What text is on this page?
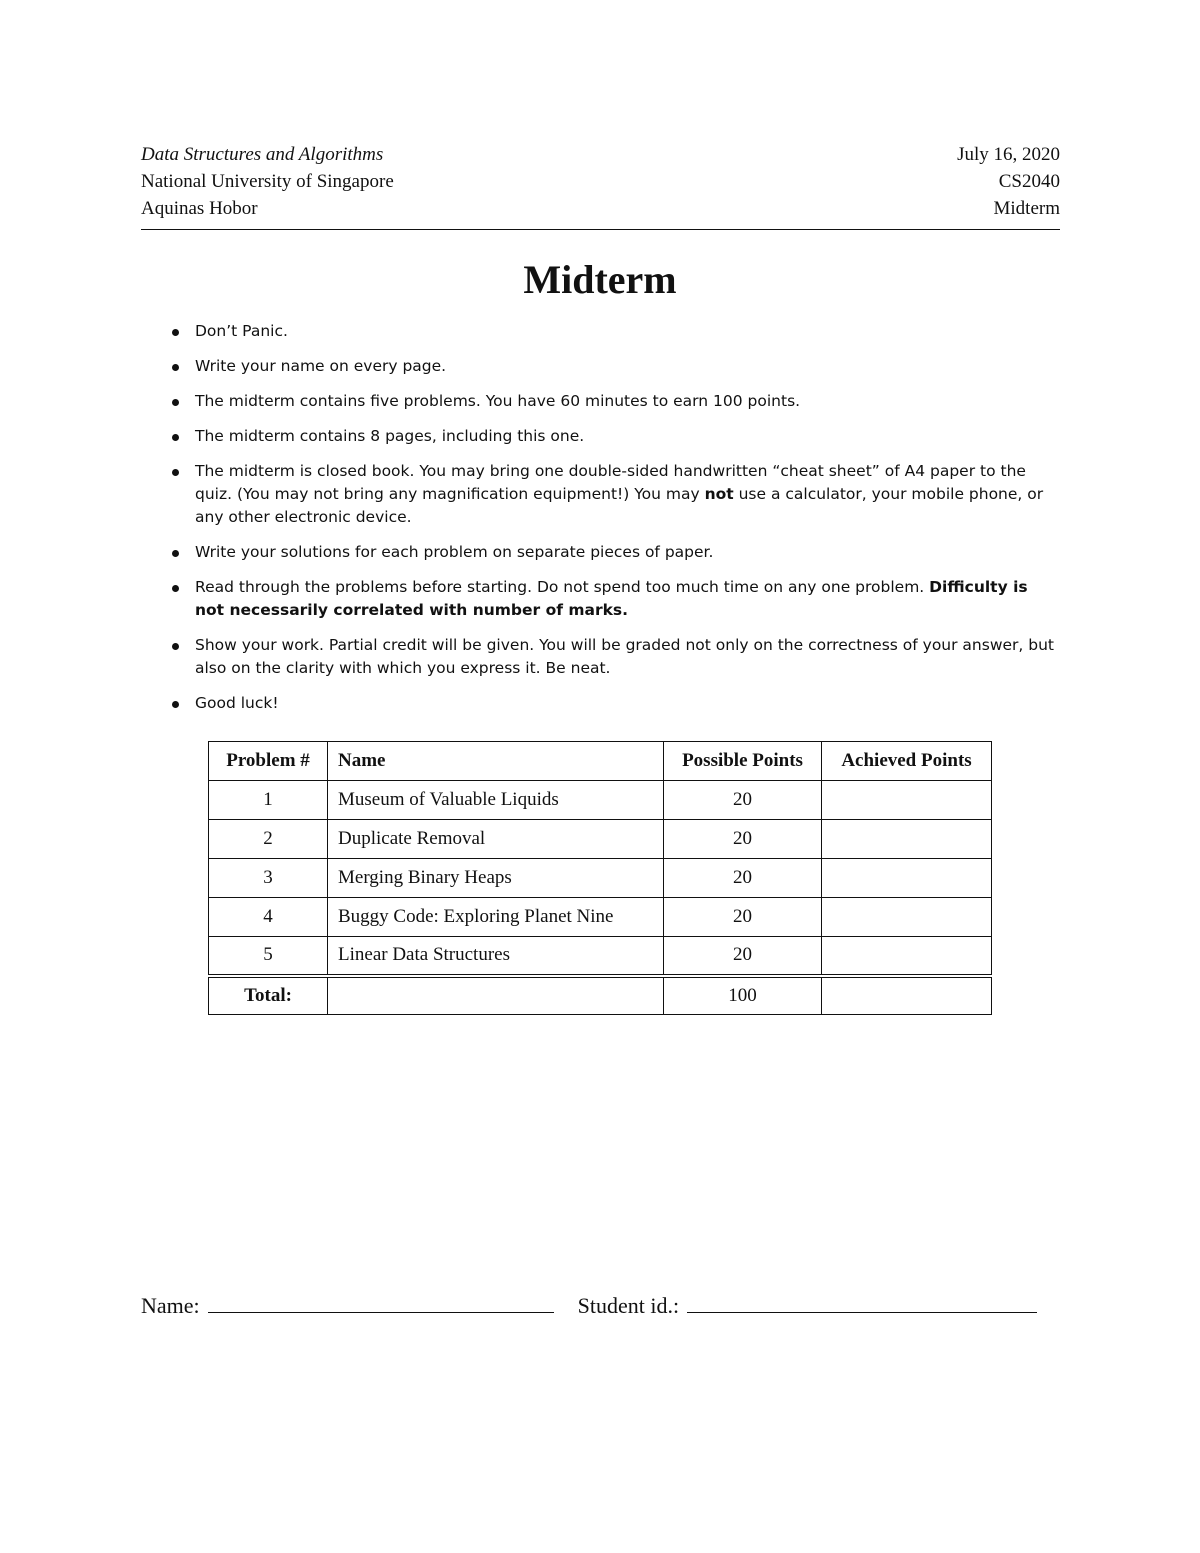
Data Structures and Algorithms	July 16, 2020
National University of Singapore	CS2040
Aquinas Hobor	Midterm
Midterm
Don’t Panic.
Write your name on every page.
The midterm contains five problems. You have 60 minutes to earn 100 points.
The midterm contains 8 pages, including this one.
The midterm is closed book. You may bring one double-sided handwritten “cheat sheet” of A4 paper to the quiz. (You may not bring any magnification equipment!) You may not use a calculator, your mobile phone, or any other electronic device.
Write your solutions for each problem on separate pieces of paper.
Read through the problems before starting. Do not spend too much time on any one problem. Difficulty is not necessarily correlated with number of marks.
Show your work. Partial credit will be given. You will be graded not only on the correctness of your answer, but also on the clarity with which you express it. Be neat.
Good luck!
Problem #	Name	Possible Points	Achieved Points
1	Museum of Valuable Liquids	20	
2	Duplicate Removal	20	
3	Merging Binary Heaps	20	
4	Buggy Code: Exploring Planet Nine	20	
5	Linear Data Structures	20	
Total:		100	
Name:	Student id.:
